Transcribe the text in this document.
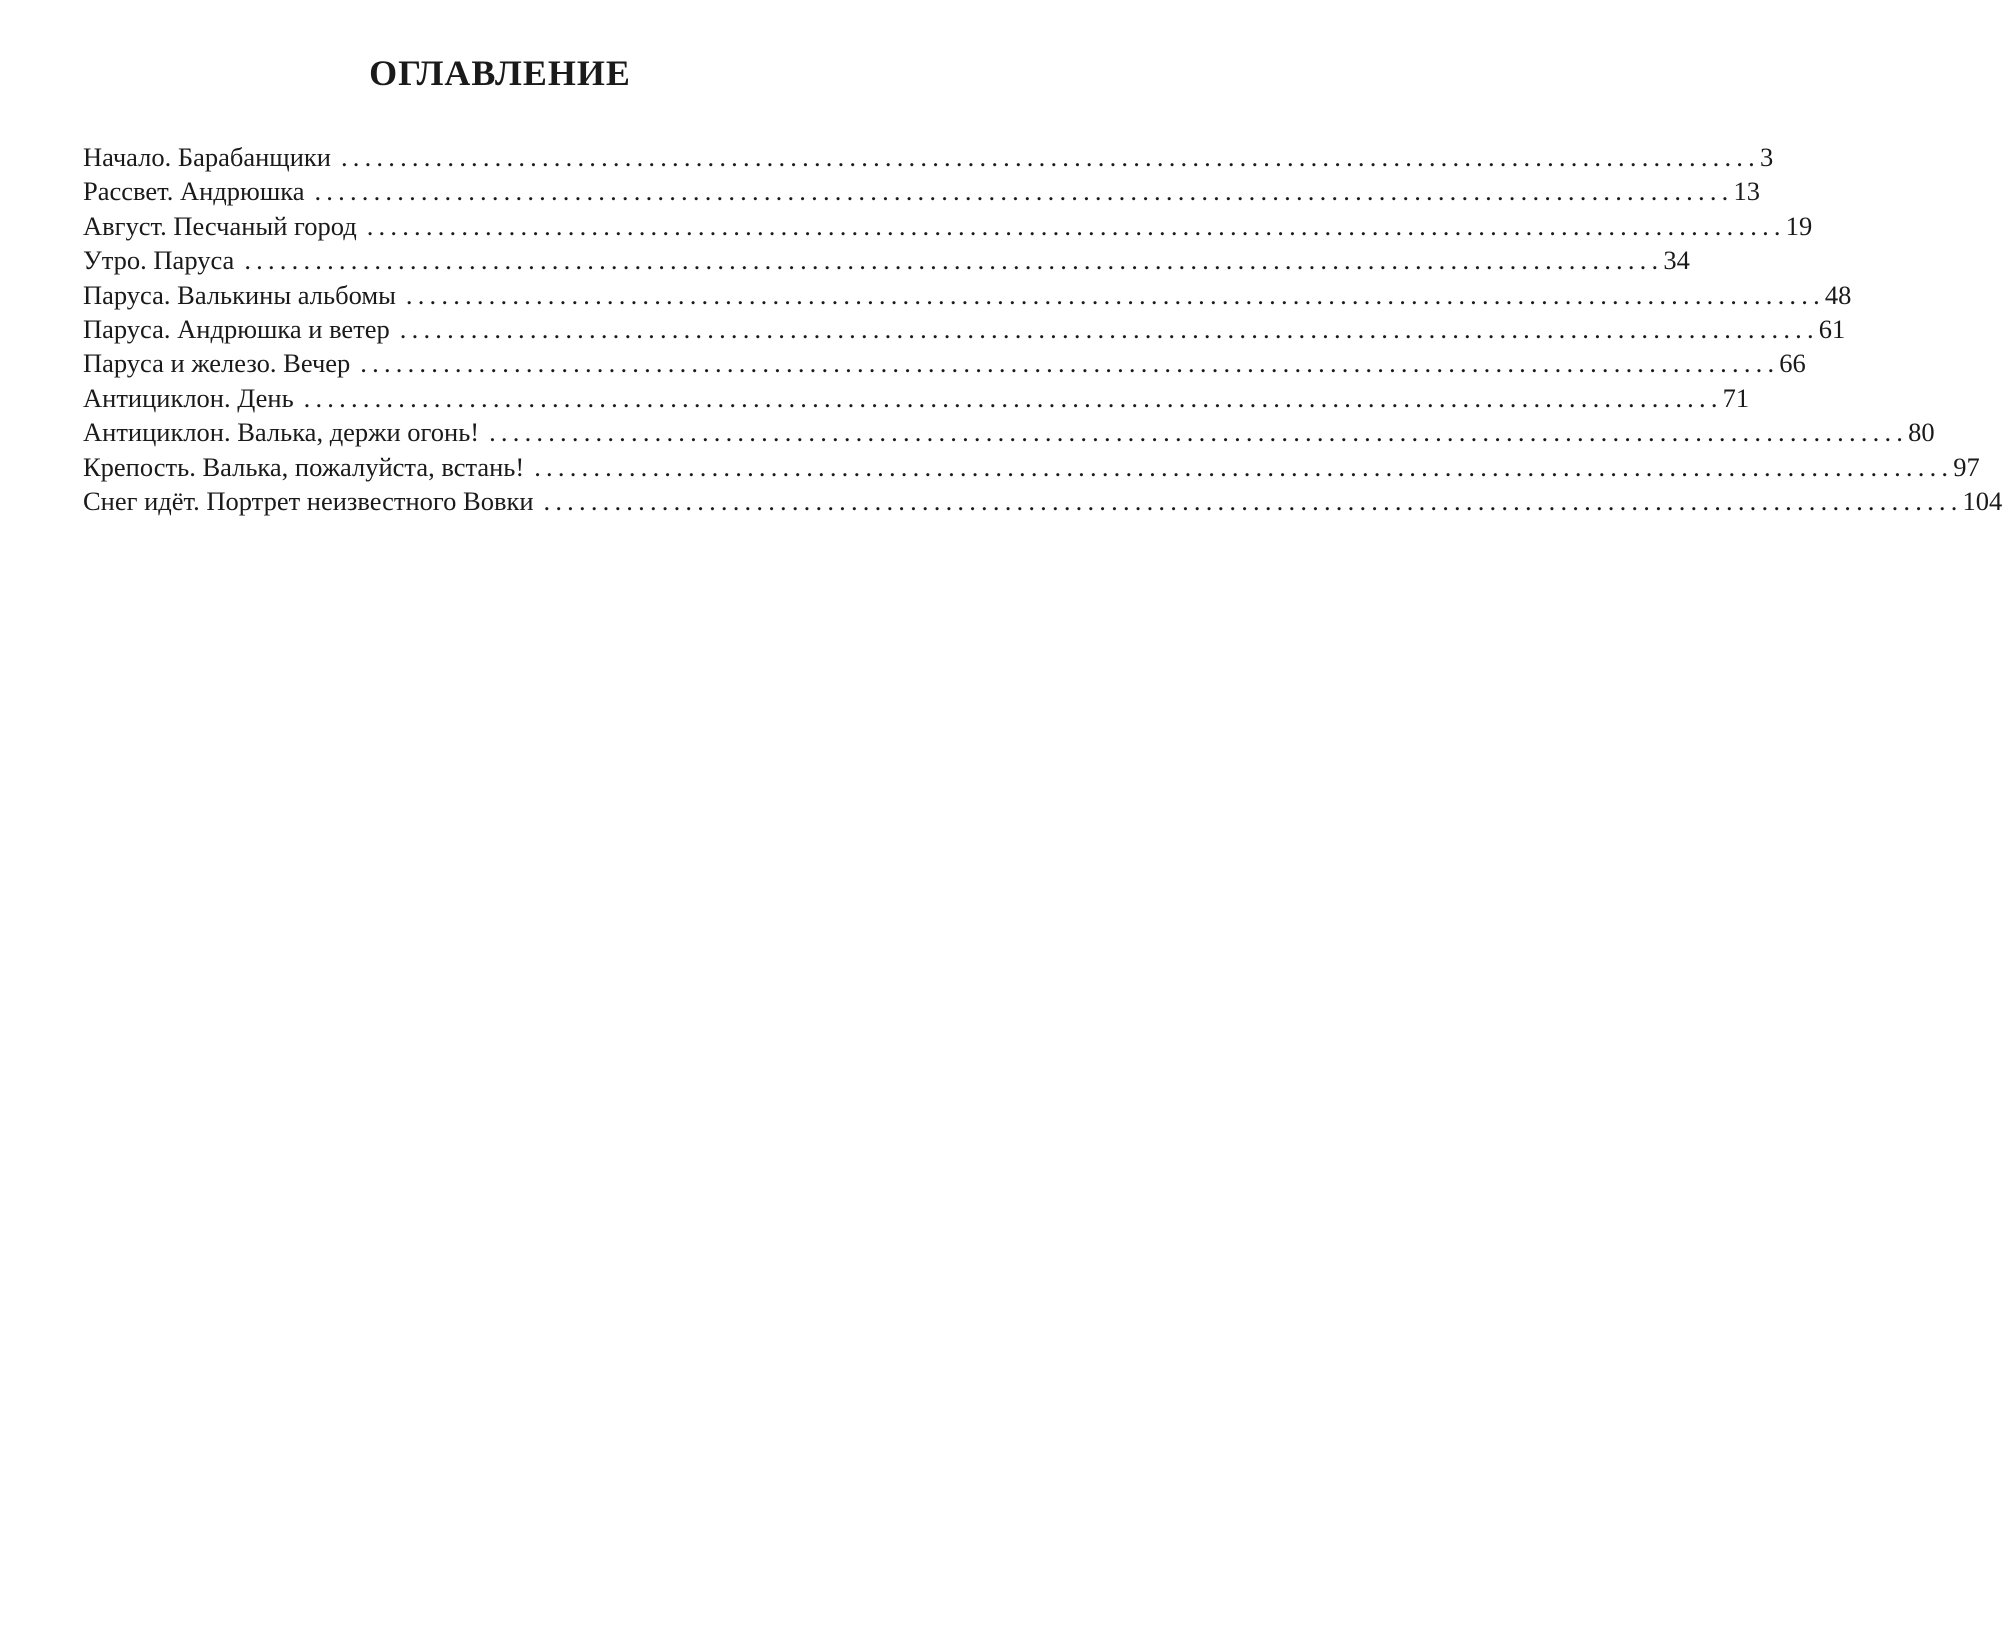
ОГЛАВЛЕНИЕ
Начало. Барабанщики ........................................................................................................................ 3
Рассвет. Андрюшка ........................................................................................................................ 13
Август. Песчаный город ........................................................................................................................ 19
Утро. Паруса ........................................................................................................................ 34
Паруса. Валькины альбомы ........................................................................................................................ 48
Паруса. Андрюшка и ветер ........................................................................................................................ 61
Паруса и железо. Вечер ........................................................................................................................ 66
Антициклон. День ........................................................................................................................ 71
Антициклон. Валька, держи огонь! ........................................................................................................................ 80
Крепость. Валька, пожалуйста, встань! ........................................................................................................................ 97
Снег идёт. Портрет неизвестного Вовки ........................................................................................................................ 104
